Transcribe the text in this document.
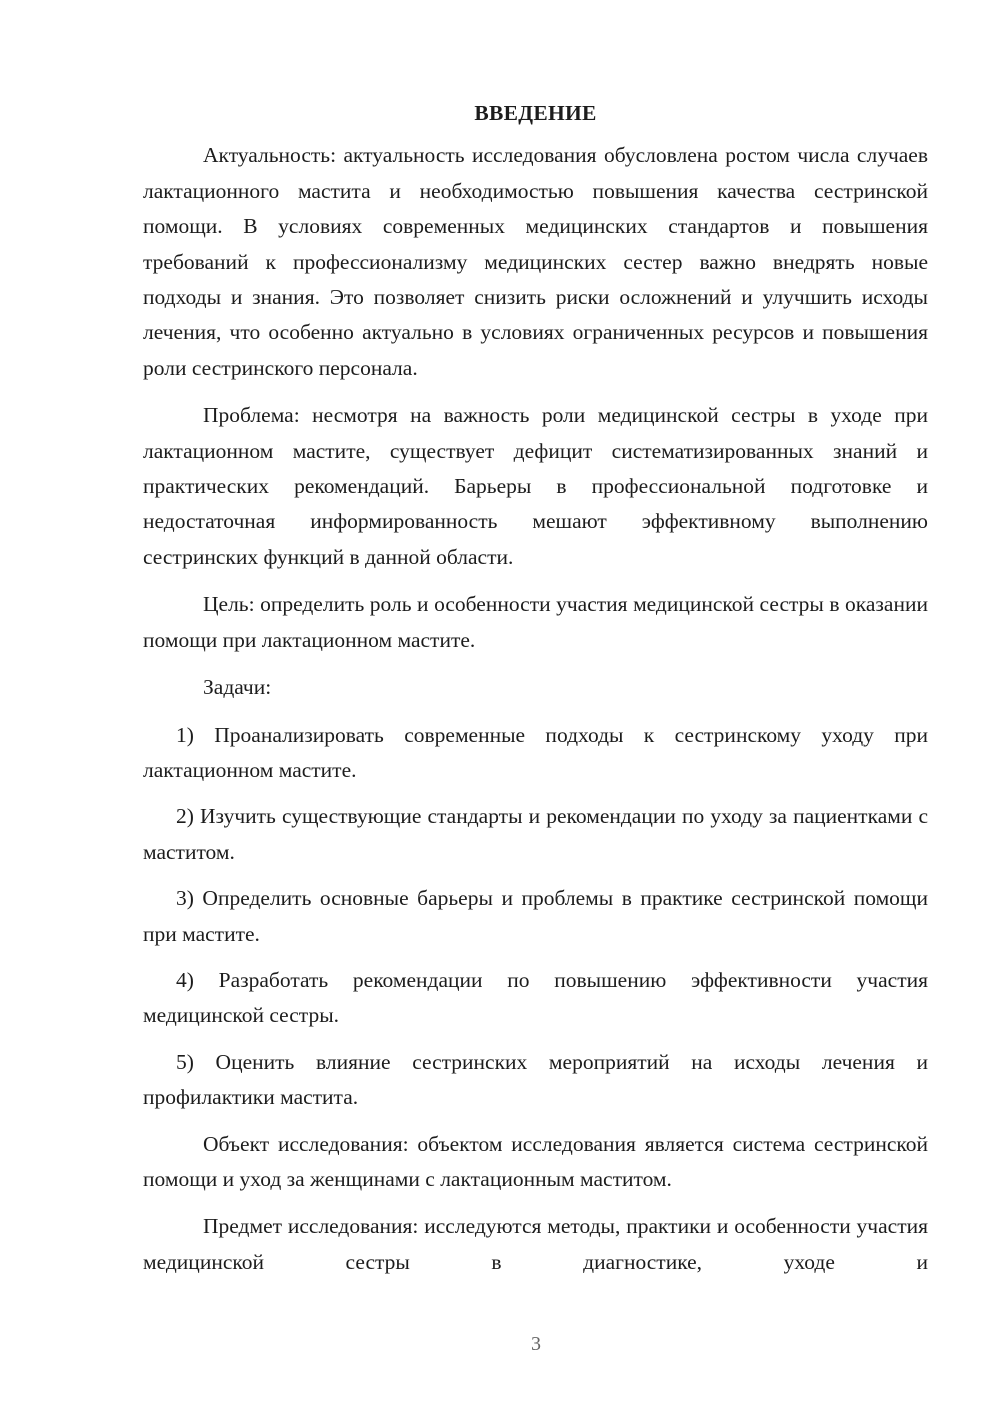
ВВЕДЕНИЕ

Актуальность: актуальность исследования обусловлена ростом числа случаев лактационного мастита и необходимостью повышения качества сестринской помощи. В условиях современных медицинских стандартов и повышения требований к профессионализму медицинских сестер важно внедрять новые подходы и знания. Это позволяет снизить риски осложнений и улучшить исходы лечения, что особенно актуально в условиях ограниченных ресурсов и повышения роли сестринского персонала.

Проблема: несмотря на важность роли медицинской сестры в уходе при лактационном мастите, существует дефицит систематизированных знаний и практических рекомендаций. Барьеры в профессиональной подготовке и недостаточная информированность мешают эффективному выполнению сестринских функций в данной области.

Цель: определить роль и особенности участия медицинской сестры в оказании помощи при лактационном мастите.

Задачи:

1) Проанализировать современные подходы к сестринскому уходу при лактационном мастите.

2) Изучить существующие стандарты и рекомендации по уходу за пациентками с маститом.

3) Определить основные барьеры и проблемы в практике сестринской помощи при мастите.

4) Разработать рекомендации по повышению эффективности участия медицинской сестры.

5) Оценить влияние сестринских мероприятий на исходы лечения и профилактики мастита.

Объект исследования: объектом исследования является система сестринской помощи и уход за женщинами с лактационным маститом.

Предмет исследования: исследуются методы, практики и особенности участия медицинской сестры в диагностике, уходе и

3
